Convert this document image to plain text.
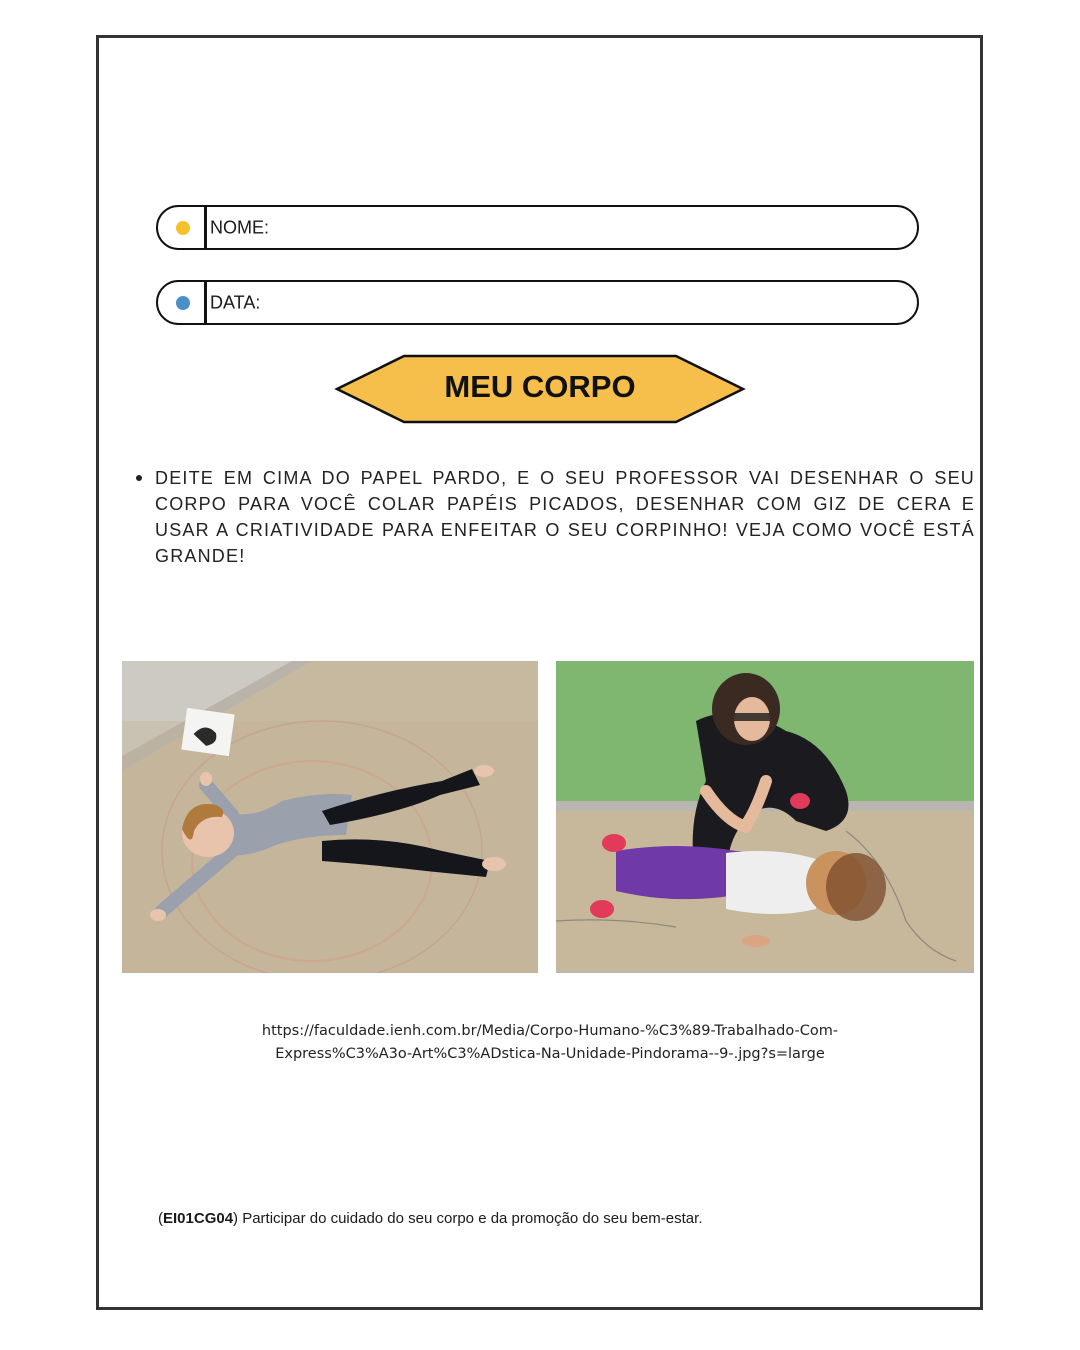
NOME:
DATA:
MEU CORPO
DEITE EM CIMA DO PAPEL PARDO, E O SEU PROFESSOR VAI DESENHAR O SEU CORPO PARA VOCÊ COLAR PAPÉIS PICADOS, DESENHAR COM GIZ DE CERA E USAR A CRIATIVIDADE PARA ENFEITAR O SEU CORPINHO! VEJA COMO VOCÊ ESTÁ GRANDE!
https://faculdade.ienh.com.br/Media/Corpo-Humano-%C3%89-Trabalhado-Com-
Express%C3%A3o-Art%C3%ADstica-Na-Unidade-Pindorama--9-.jpg?s=large
(EI01CG04) Participar do cuidado do seu corpo e da promoção do seu bem-estar.
